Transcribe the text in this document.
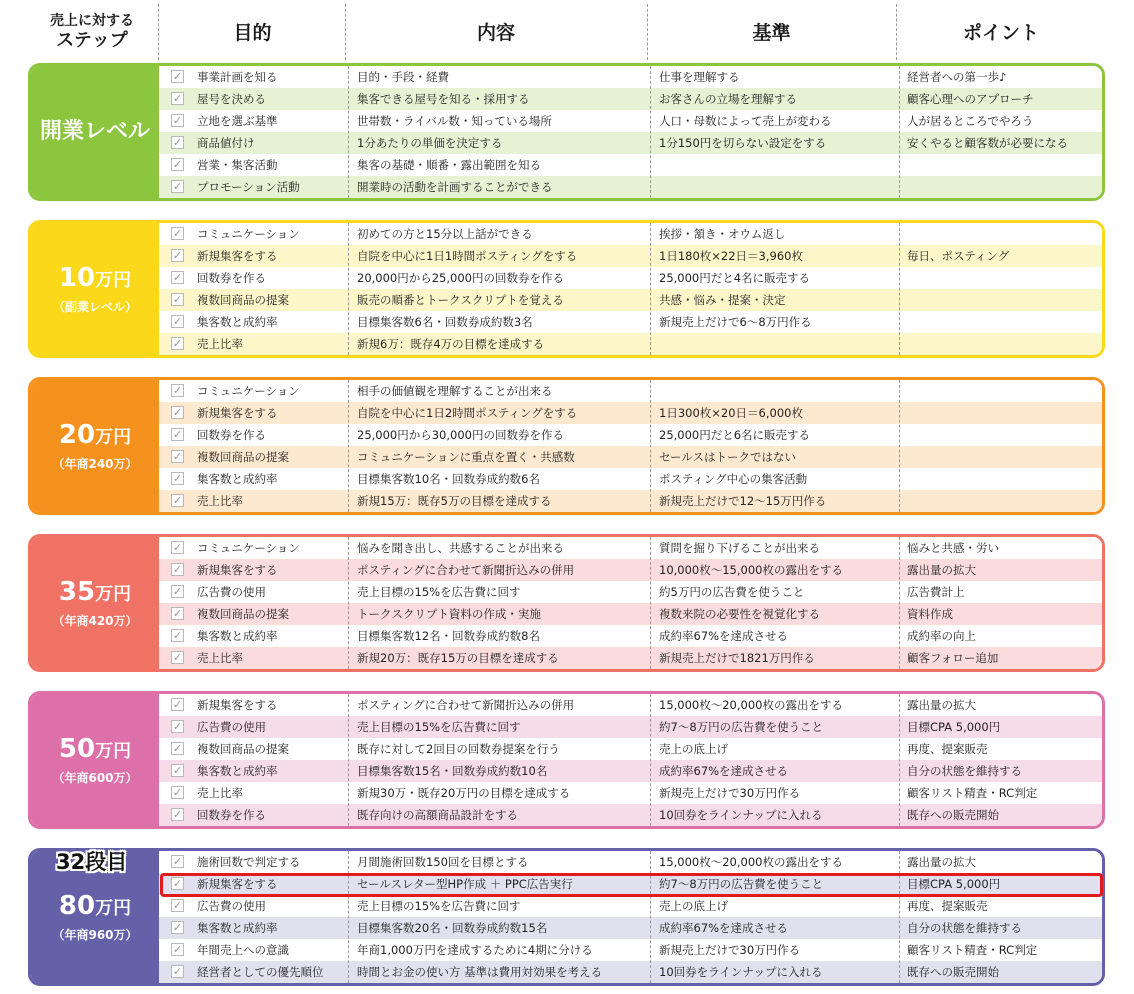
売上に対する
ステップ	目的	内容	基準	ポイント
開業レベル
✓ 事業計画を知る	目的・手段・経費	仕事を理解する	経営者への第一歩♪
✓ 屋号を決める	集客できる屋号を知る・採用する	お客さんの立場を理解する	顧客心理へのアプローチ
✓ 立地を選ぶ基準	世帯数・ライバル数・知っている場所	人口・母数によって売上が変わる	人が居るところでやろう
✓ 商品値付け	1分あたりの単価を決定する	1分150円を切らない設定をする	安くやると顧客数が必要になる
✓ 営業・集客活動	集客の基礎・順番・露出範囲を知る
✓ プロモーション活動	開業時の活動を計画することができる
10万円
（副業レベル）
✓ コミュニケーション	初めての方と15分以上話ができる	挨拶・頷き・オウム返し
✓ 新規集客をする	自院を中心に1日1時間ポスティングをする	1日180枚×22日＝3,960枚	毎日、ポスティング
✓ 回数券を作る	20,000円から25,000円の回数券を作る	25,000円だと4名に販売する
✓ 複数回商品の提案	販売の順番とトークスクリプトを覚える	共感・悩み・提案・決定
✓ 集客数と成約率	目標集客数6名・回数券成約数3名	新規売上だけで6～8万円作る
✓ 売上比率	新規6万：既存4万の目標を達成する
20万円
（年商240万）
✓ コミュニケーション	相手の価値観を理解することが出来る
✓ 新規集客をする	自院を中心に1日2時間ポスティングをする	1日300枚×20日＝6,000枚
✓ 回数券を作る	25,000円から30,000円の回数券を作る	25,000円だと6名に販売する
✓ 複数回商品の提案	コミュニケーションに重点を置く・共感数	セールスはトークではない
✓ 集客数と成約率	目標集客数10名・回数券成約数6名	ポスティング中心の集客活動
✓ 売上比率	新規15万：既存5万の目標を達成する	新規売上だけで12～15万円作る
35万円
（年商420万）
✓ コミュニケーション	悩みを聞き出し、共感することが出来る	質問を掘り下げることが出来る	悩みと共感・労い
✓ 新規集客をする	ポスティングに合わせて新聞折込みの併用	10,000枚～15,000枚の露出をする	露出量の拡大
✓ 広告費の使用	売上目標の15%を広告費に回す	約5万円の広告費を使うこと	広告費計上
✓ 複数回商品の提案	トークスクリプト資料の作成・実施	複数来院の必要性を視覚化する	資料作成
✓ 集客数と成約率	目標集客数12名・回数券成約数8名	成約率67%を達成させる	成約率の向上
✓ 売上比率	新規20万：既存15万の目標を達成する	新規売上だけで1821万円作る	顧客フォロー追加
50万円
（年商600万）
✓ 新規集客をする	ポスティングに合わせて新聞折込みの併用	15,000枚～20,000枚の露出をする	露出量の拡大
✓ 広告費の使用	売上目標の15%を広告費に回す	約7～8万円の広告費を使うこと	目標CPA 5,000円
✓ 複数回商品の提案	既存に対して2回目の回数券提案を行う	売上の底上げ	再度、提案販売
✓ 集客数と成約率	目標集客数15名・回数券成約数10名	成約率67%を達成させる	自分の状態を維持する
✓ 売上比率	新規30万・既存20万円の目標を達成する	新規売上だけで30万円作る	顧客リスト精査・RC判定
✓ 回数券を作る	既存向けの高額商品設計をする	10回券をラインナップに入れる	既存への販売開始
80万円
（年商960万）
✓ 施術回数で判定する	月間施術回数150回を目標とする	15,000枚～20,000枚の露出をする	露出量の拡大
✓ 新規集客をする	セールスレター型HP作成 ＋ PPC広告実行	約7～8万円の広告費を使うこと	目標CPA 5,000円
✓ 広告費の使用	売上目標の15%を広告費に回す	売上の底上げ	再度、提案販売
✓ 集客数と成約率	目標集客数20名・回数券成約数15名	成約率67%を達成させる	自分の状態を維持する
✓ 年間売上への意識	年商1,000万円を達成するために4期に分ける	新規売上だけで30万円作る	顧客リスト精査・RC判定
✓ 経営者としての優先順位	時間とお金の使い方 基準は費用対効果を考える	10回券をラインナップに入れる	既存への販売開始
32段目
